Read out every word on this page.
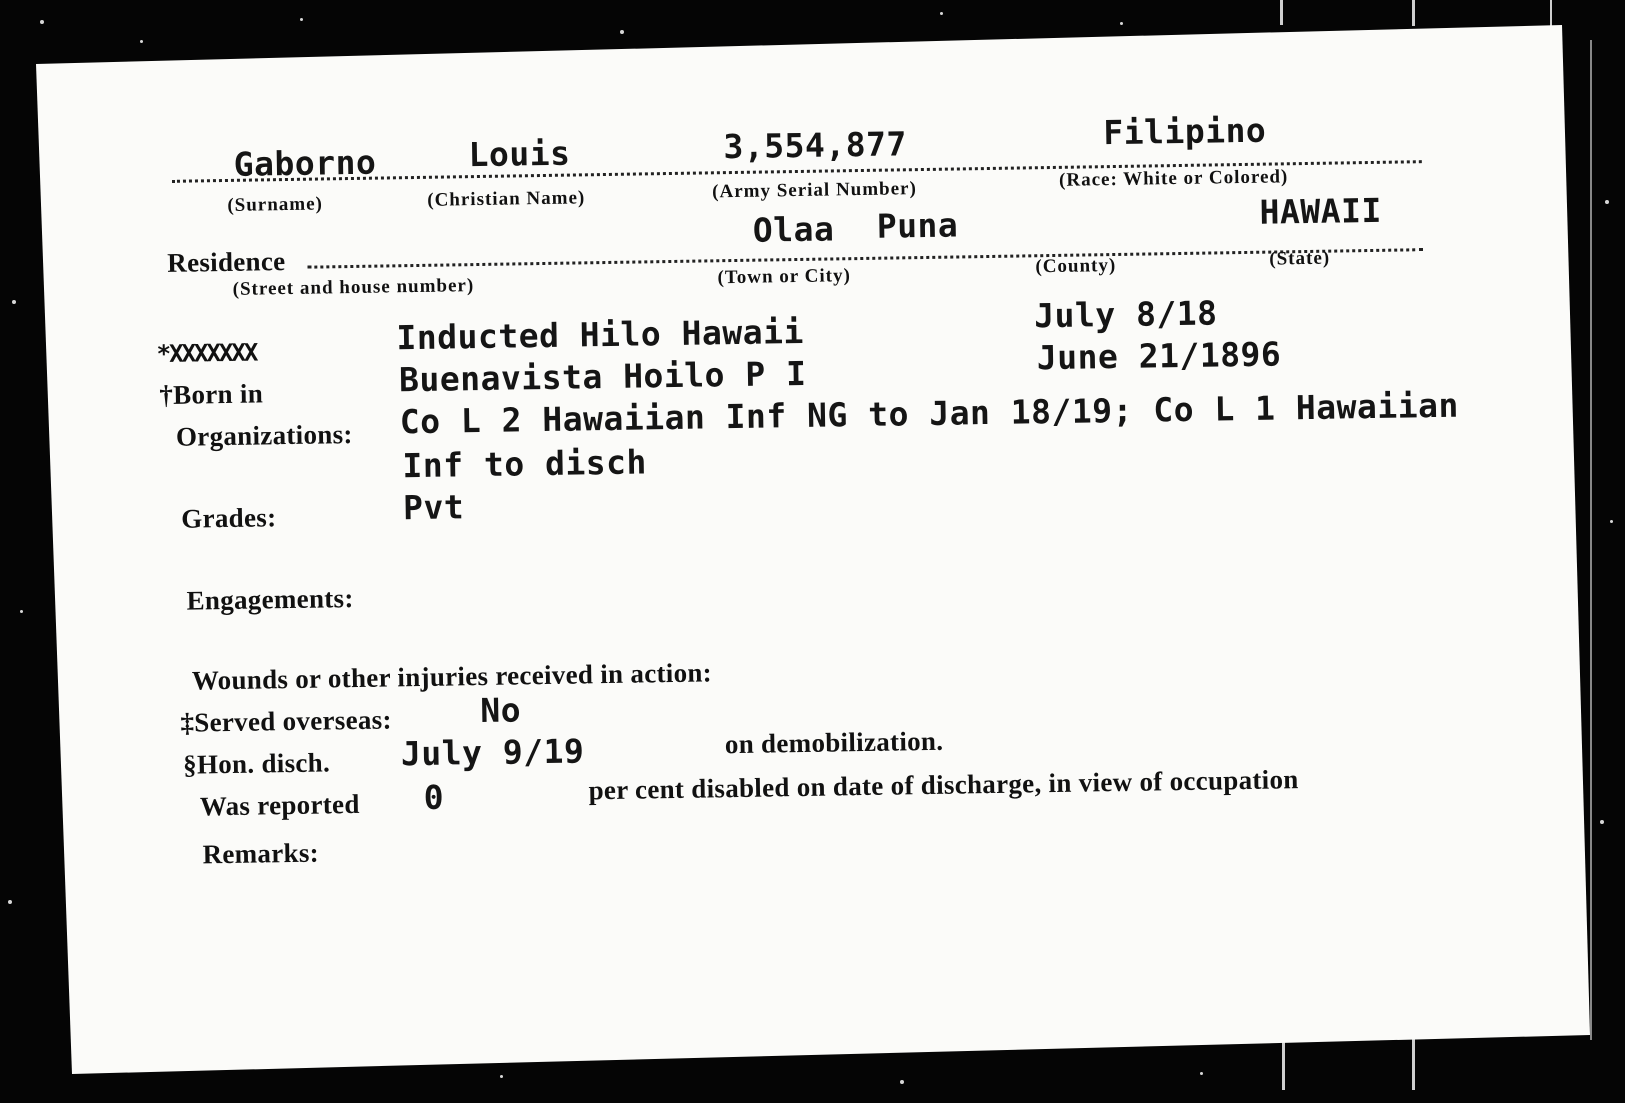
Gaborno	Louis	3,554,877	Filipino
(Surname)	(Christian Name)	(Army Serial Number)	(Race: White or Colored)
Residence
Olaa Puna	HAWAII
(Street and house number)	(Town or City)	(County)	(State)
*XXXXXXX	Inducted Hilo Hawaii	July 8/18
†Born in	Buenavista Hoilo P I	June 21/1896
Organizations: Co L 2 Hawaiian Inf NG to Jan 18/19; Co L 1 Hawaiian
Inf to disch
Grades:	Pvt
Engagements:
Wounds or other injuries received in action:
‡Served overseas:	No
§Hon. disch. July 9/19	on demobilization.
Was reported 0	per cent disabled on date of discharge, in view of occupation
Remarks:
